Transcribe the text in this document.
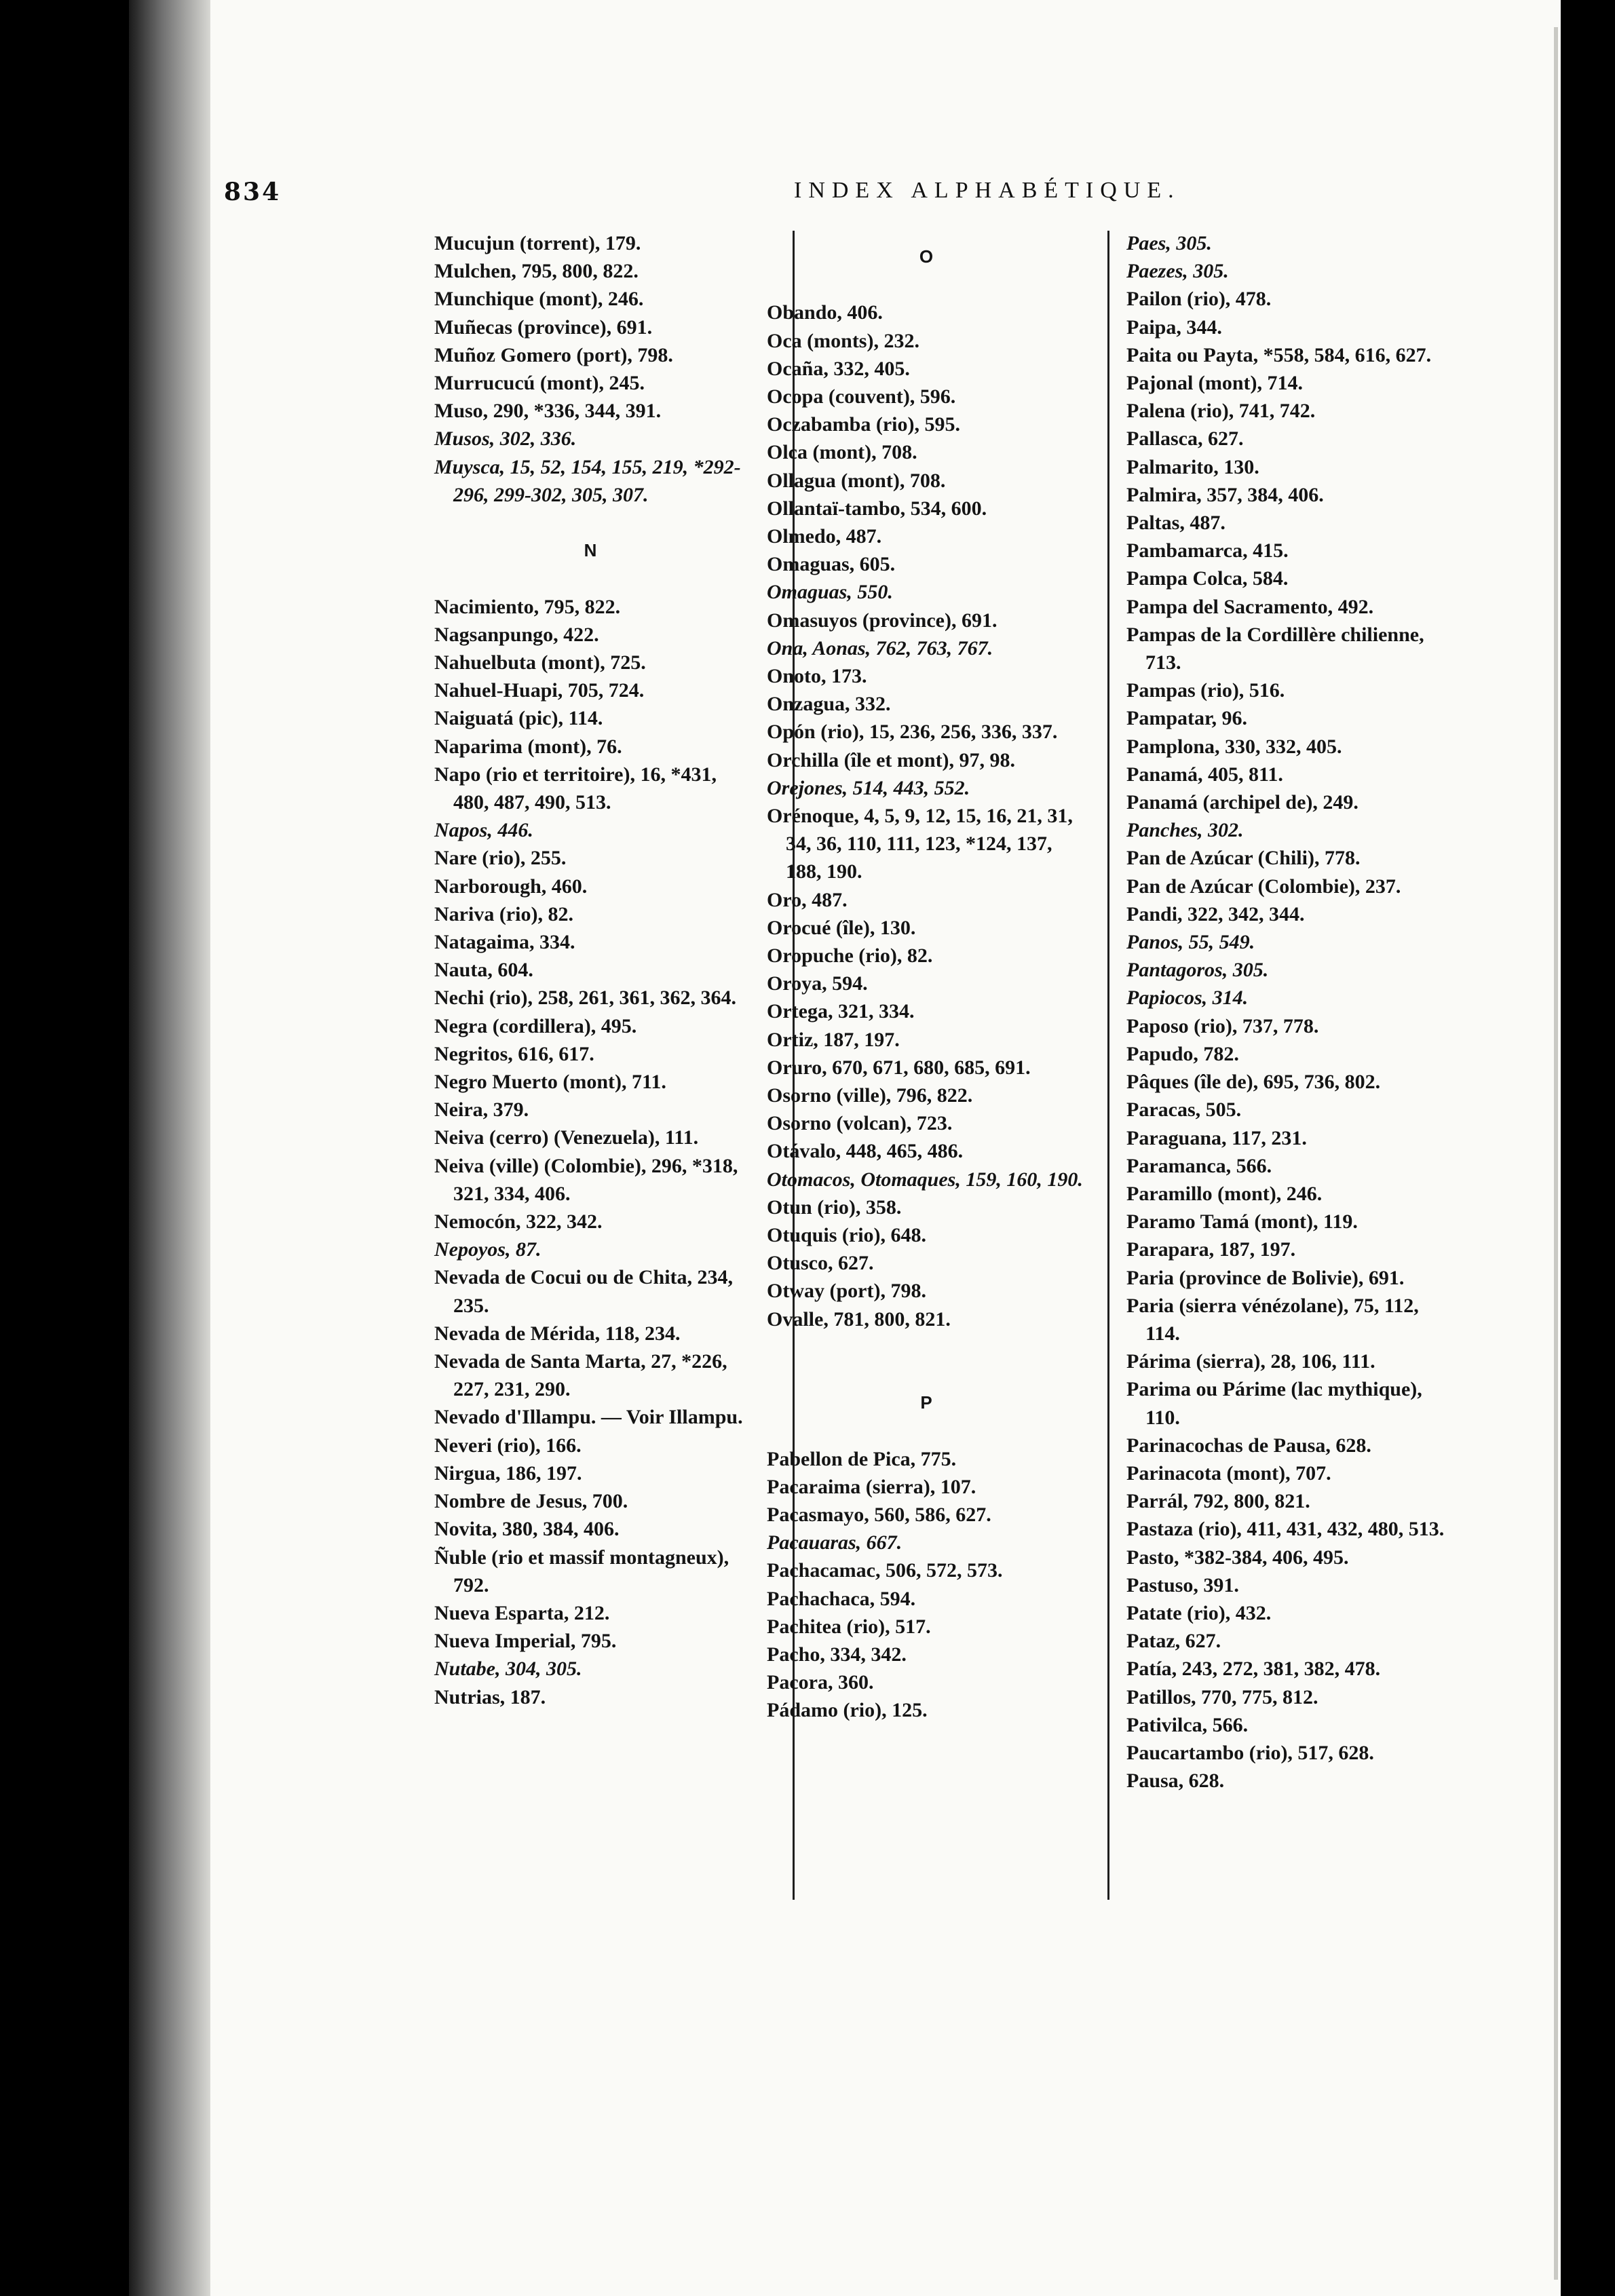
834	INDEX ALPHABÉTIQUE.
Mucujun (torrent), 179.
Mulchen, 795, 800, 822.
Munchique (mont), 246.
Muñecas (province), 691.
Muñoz Gomero (port), 798.
Murrucucú (mont), 245.
Muso, 290, *336, 344, 391.
Musos, 302, 336.
Muysca, 15, 52, 154, 155, 219, *292-296, 299-302, 305, 307.
N
Nacimiento, 795, 822.
Nagsanpungo, 422.
Nahuelbuta (mont), 725.
Nahuel-Huapi, 705, 724.
Naiguatá (pic), 114.
Naparima (mont), 76.
Napo (rio et territoire), 16, *431, 480, 487, 490, 513.
Napos, 446.
Nare (rio), 255.
Narborough, 460.
Nariva (rio), 82.
Natagaima, 334.
Nauta, 604.
Nechi (rio), 258, 261, 361, 362, 364.
Negra (cordillera), 495.
Negritos, 616, 617.
Negro Muerto (mont), 711.
Neira, 379.
Neiva (cerro) (Venezuela), 111.
Neiva (ville) (Colombie), 296, *318, 321, 334, 406.
Nemocón, 322, 342.
Nepoyos, 87.
Nevada de Cocui ou de Chita, 234, 235.
Nevada de Mérida, 118, 234.
Nevada de Santa Marta, 27, *226, 227, 231, 290.
Nevado d'Illampu. — Voir Illampu.
Neveri (rio), 166.
Nirgua, 186, 197.
Nombre de Jesus, 700.
Novita, 380, 384, 406.
Ñuble (rio et massif montagneux), 792.
Nueva Esparta, 212.
Nueva Imperial, 795.
Nutabe, 304, 305.
Nutrias, 187.
O
Obando, 406.
Oca (monts), 232.
Ocaña, 332, 405.
Ocopa (couvent), 596.
Oczabamba (rio), 595.
Olca (mont), 708.
Ollagua (mont), 708.
Ollantaï-tambo, 534, 600.
Olmedo, 487.
Omaguas, 605.
Omaguas, 550.
Omasuyos (province), 691.
Ona, Aonas, 762, 763, 767.
Onoto, 173.
Onzagua, 332.
Opón (rio), 15, 236, 256, 336, 337.
Orchilla (île et mont), 97, 98.
Orejones, 514, 443, 552.
Orénoque, 4, 5, 9, 12, 15, 16, 21, 31, 34, 36, 110, 111, 123, *124, 137, 188, 190.
Oro, 487.
Orocué (île), 130.
Oropuche (rio), 82.
Oroya, 594.
Ortega, 321, 334.
Ortiz, 187, 197.
Oruro, 670, 671, 680, 685, 691.
Osorno (ville), 796, 822.
Osorno (volcan), 723.
Otávalo, 448, 465, 486.
Otomacos, Otomaques, 159, 160, 190.
Otun (rio), 358.
Otuquis (rio), 648.
Otusco, 627.
Otway (port), 798.
Ovalle, 781, 800, 821.
P
Pabellon de Pica, 775.
Pacaraima (sierra), 107.
Pacasmayo, 560, 586, 627.
Pacauaras, 667.
Pachacamac, 506, 572, 573.
Pachachaca, 594.
Pachitea (rio), 517.
Pacho, 334, 342.
Pacora, 360.
Pádamo (rio), 125.
Paes, 305.
Paezes, 305.
Pailon (rio), 478.
Paipa, 344.
Paita ou Payta, *558, 584, 616, 627.
Pajonal (mont), 714.
Palena (rio), 741, 742.
Pallasca, 627.
Palmarito, 130.
Palmira, 357, 384, 406.
Paltas, 487.
Pambamarca, 415.
Pampa Colca, 584.
Pampa del Sacramento, 492.
Pampas de la Cordillère chilienne, 713.
Pampas (rio), 516.
Pampatar, 96.
Pamplona, 330, 332, 405.
Panamá, 405, 811.
Panamá (archipel de), 249.
Panches, 302.
Pan de Azúcar (Chili), 778.
Pan de Azúcar (Colombie), 237.
Pandi, 322, 342, 344.
Panos, 55, 549.
Pantagoros, 305.
Papiocos, 314.
Paposo (rio), 737, 778.
Papudo, 782.
Pâques (île de), 695, 736, 802.
Paracas, 505.
Paraguana, 117, 231.
Paramanca, 566.
Paramillo (mont), 246.
Paramo Tamá (mont), 119.
Parapara, 187, 197.
Paria (province de Bolivie), 691.
Paria (sierra vénézolane), 75, 112, 114.
Párima (sierra), 28, 106, 111.
Parima ou Párime (lac mythique), 110.
Parinacochas de Pausa, 628.
Parinacota (mont), 707.
Parrál, 792, 800, 821.
Pastaza (rio), 411, 431, 432, 480, 513.
Pasto, *382-384, 406, 495.
Pastuso, 391.
Patate (rio), 432.
Pataz, 627.
Patía, 243, 272, 381, 382, 478.
Patillos, 770, 775, 812.
Pativilca, 566.
Paucartambo (rio), 517, 628.
Pausa, 628.
